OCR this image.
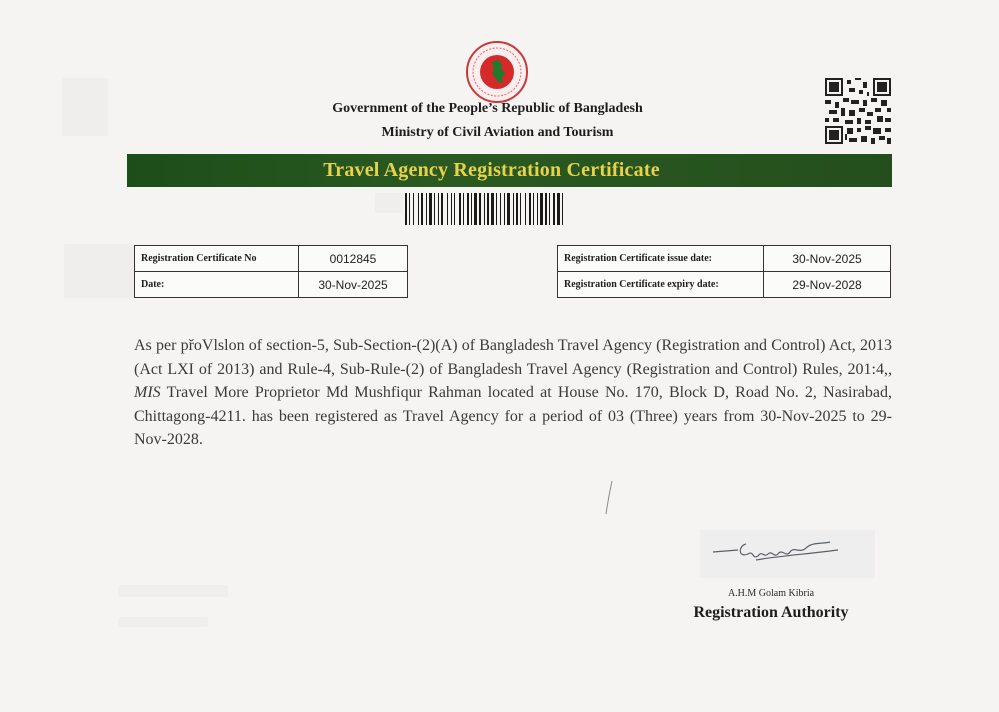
Government of the People’s Republic of Bangladesh
Ministry of Civil Aviation and Tourism
Travel Agency Registration Certificate
Registration Certificate No	0012845
Date:	30-Nov-2025
Registration Certificate issue date:	30-Nov-2025
Registration Certificate expiry date:	29-Nov-2028
As per přoVlslon of section-5, Sub-Section-(2)(A) of Bangladesh Travel Agency (Registration and Control) Act, 2013 (Act LXI of 2013) and Rule-4, Sub-Rule-(2) of Bangladesh Travel Agency (Registration and Control) Rules, 201:4,, MIS Travel More Proprietor Md Mushfiqur Rahman located at House No. 170, Block D, Road No. 2, Nasirabad, Chittagong-4211. has been registered as Travel Agency for a period of 03 (Three) years from 30-Nov-2025 to 29-Nov-2028.
A.H.M Golam Kibria
Registration Authority
